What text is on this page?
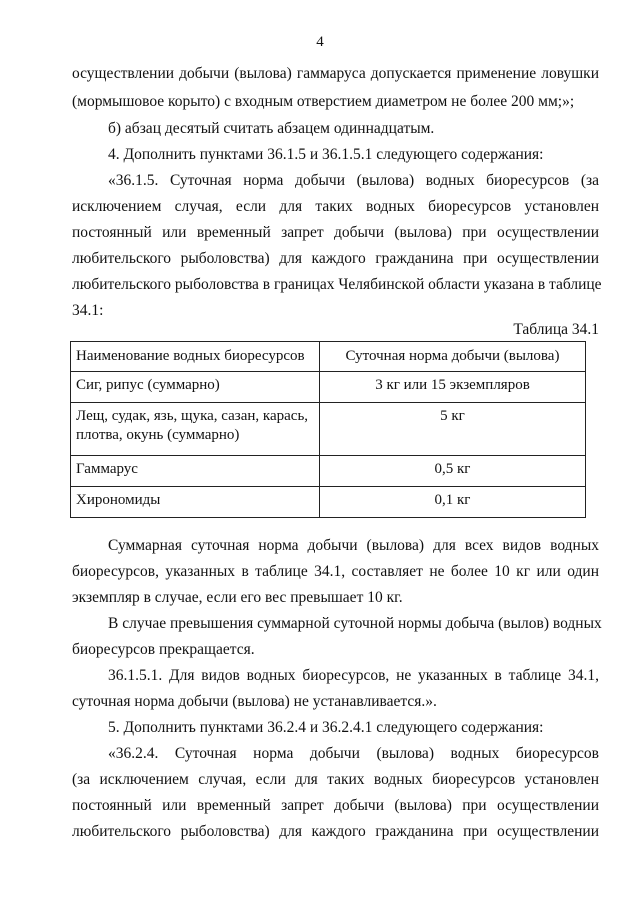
4
осуществлении добычи (вылова) гаммаруса допускается применение ловушки
(мормышовое корыто) с входным отверстием диаметром не более 200 мм;»;
б) абзац десятый считать абзацем одиннадцатым.
4. Дополнить пунктами 36.1.5 и 36.1.5.1 следующего содержания:
«36.1.5. Суточная норма добычи (вылова) водных биоресурсов (за
исключением случая, если для таких водных биоресурсов установлен
постоянный или временный запрет добычи (вылова) при осуществлении
любительского рыболовства) для каждого гражданина при осуществлении
любительского рыболовства в границах Челябинской области указана в таблице
34.1:
Таблица 34.1
Наименование водных биоресурсов	Суточная норма добычи (вылова)
Сиг, рипус (суммарно)	3 кг или 15 экземпляров
Лещ, судак, язь, щука, сазан, карась,
плотва, окунь (суммарно)	5 кг
Гаммарус	0,5 кг
Хирономиды	0,1 кг
Суммарная суточная норма добычи (вылова) для всех видов водных
биоресурсов, указанных в таблице 34.1, составляет не более 10 кг или один
экземпляр в случае, если его вес превышает 10 кг.
В случае превышения суммарной суточной нормы добыча (вылов) водных
биоресурсов прекращается.
36.1.5.1. Для видов водных биоресурсов, не указанных в таблице 34.1,
суточная норма добычи (вылова) не устанавливается.».
5. Дополнить пунктами 36.2.4 и 36.2.4.1 следующего содержания:
«36.2.4. Суточная норма добычи (вылова) водных биоресурсов
(за исключением случая, если для таких водных биоресурсов установлен
постоянный или временный запрет добычи (вылова) при осуществлении
любительского рыболовства) для каждого гражданина при осуществлении
